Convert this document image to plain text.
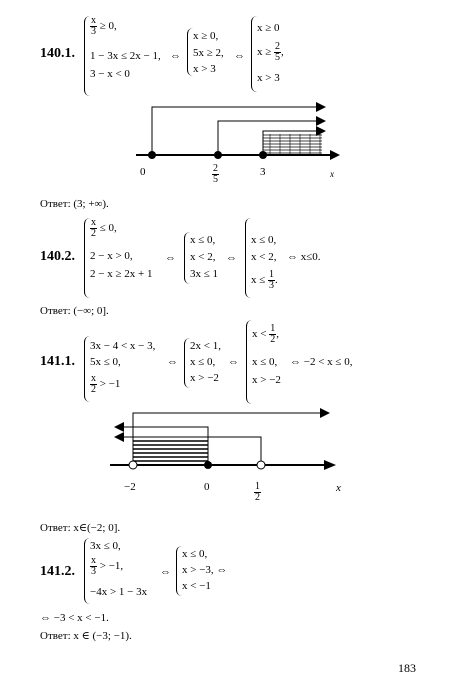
140.1.
$\frac{x}{3} \ge 0$,
1 − 3x ≤ 2x − 1,
3 − x < 0
⇔
x ≥ 0,
5x ≥ 2,
x > 3
⇔
x ≥ 0
$x \ge \frac{2}{5}$ ,
x > 3
0	$\frac{2}{5}$	3	x
Ответ: (3; +∞).
140.2.
$\frac{x}{2} \le 0$,
2 − x > 0,
2 − x ≥ 2x + 1
⇔
x ≤ 0,
x < 2,
3x ≤ 1
⇔
x ≤ 0,
x < 2,
$x \le \frac{1}{3}$ .
⇔ x≤0.
Ответ: (−∞; 0].
141.1.
3x − 4 < x − 3,
5x ≤ 0,
$\frac{x}{2} > -1$
⇔
2x < 1,
x ≤ 0,
x > −2
⇔
$x < \frac{1}{2}$ ,
x ≤ 0,
x > −2
⇔ −2 < x ≤ 0,
−2	0	$\frac{1}{2}$	x
Ответ: x∈(−2; 0].
141.2.
3x ≤ 0,
$\frac{x}{3} > -1$,
−4x > 1 − 3x
⇔
x ≤ 0,
x > −3, ⇔
x < −1
⇔ −3 < x < −1.
Ответ: x ∈ (−3; −1).
183
